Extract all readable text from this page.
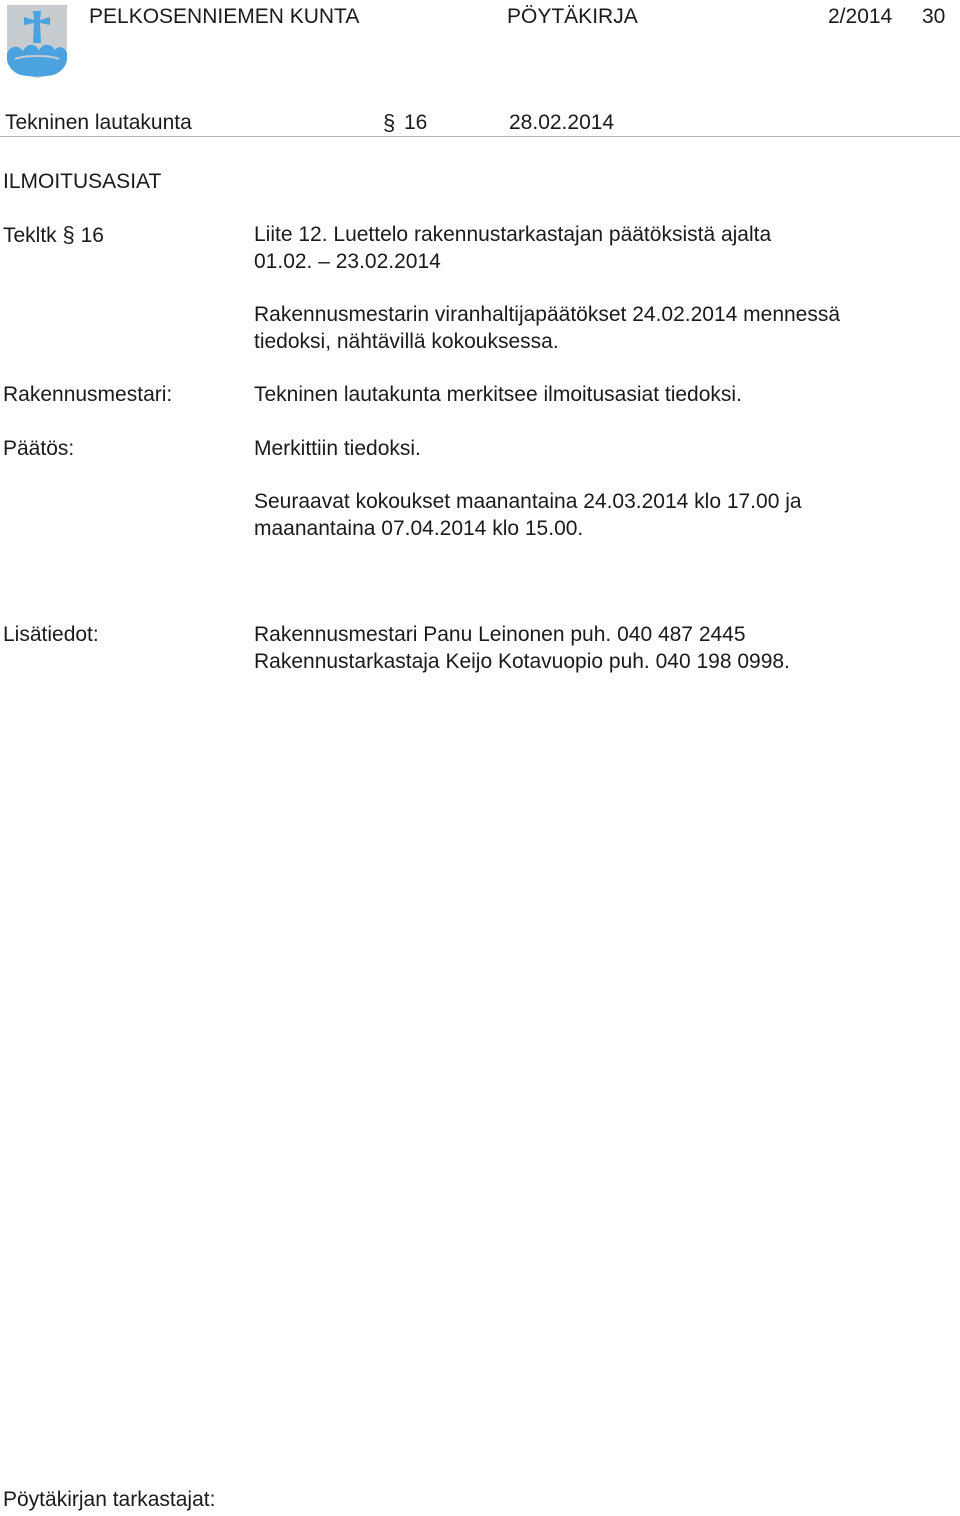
PELKOSENNIEMEN KUNTA	PÖYTÄKIRJA	2/2014 30
Tekninen lautakunta	§ 16	28.02.2014
ILMOITUSASIAT
Tekltk § 16	Liite 12. Luettelo rakennustarkastajan päätöksistä ajalta
01.02. – 23.02.2014
Rakennusmestarin viranhaltijapäätökset 24.02.2014 mennessä
tiedoksi, nähtävillä kokouksessa.
Rakennusmestari:	Tekninen lautakunta merkitsee ilmoitusasiat tiedoksi.
Päätös:	Merkittiin tiedoksi.
Seuraavat kokoukset maanantaina 24.03.2014 klo 17.00 ja
maanantaina 07.04.2014 klo 15.00.
Lisätiedot:	Rakennusmestari Panu Leinonen puh. 040 487 2445
Rakennustarkastaja Keijo Kotavuopio puh. 040 198 0998.
Pöytäkirjan tarkastajat:
